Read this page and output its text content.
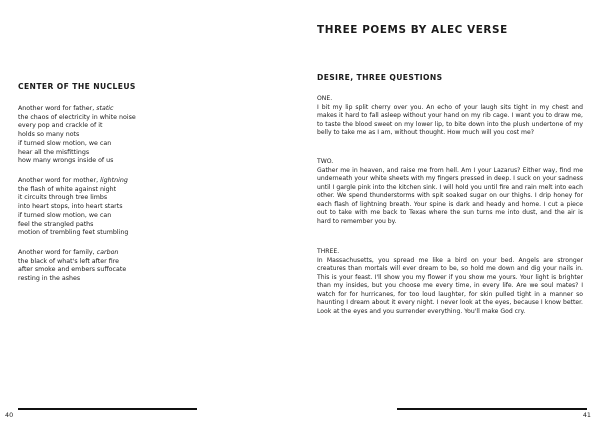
CENTER OF THE NUCLEUS
Another word for father, static
the chaos of electricity in white noise
every pop and crackle of it
holds so many nots
if turned slow motion, we can
hear all the misfittings
how many wrongs inside of us
Another word for mother, lightning
the flash of white against night
it circuits through tree limbs
into heart stops, into heart starts
if turned slow motion, we can
feel the strangled paths
motion of trembling feet stumbling
Another word for family, carbon
the black of what's left after fire
after smoke and embers suffocate
resting in the ashes
40
THREE POEMS BY ALEC VERSE
DESIRE, THREE QUESTIONS
ONE.
I bit my lip split cherry over you. An echo of your laugh sits tight in my chest and makes it hard to fall asleep without your hand on my rib cage. I want you to draw me, to taste the blood sweet on my lower lip, to bite down into the plush undertone of my belly to take me as I am, without thought. How much will you cost me?
TWO.
Gather me in heaven, and raise me from hell. Am I your Lazarus? Either way, find me underneath your white sheets with my fingers pressed in deep. I suck on your sadness until I gargle pink into the kitchen sink. I will hold you until fire and rain melt into each other. We spend thunderstorms with spit soaked sugar on our thighs. I drip honey for each flash of lightning breath. Your spine is dark and heady and home. I cut a piece out to take with me back to Texas where the sun turns me into dust, and the air is hard to remember you by.
THREE.
In Massachusetts, you spread me like a bird on your bed. Angels are stronger creatures than mortals will ever dream to be, so hold me down and dig your nails in. This is your feast. I'll show you my flower if you show me yours. Your light is brighter than my insides, but you choose me every time, in every life. Are we soul mates? I watch for for hurricanes, for too loud laughter, for skin pulled tight in a manner so haunting I dream about it every night. I never look at the eyes, because I know better. Look at the eyes and you surrender everything. You'll make God cry.
41
